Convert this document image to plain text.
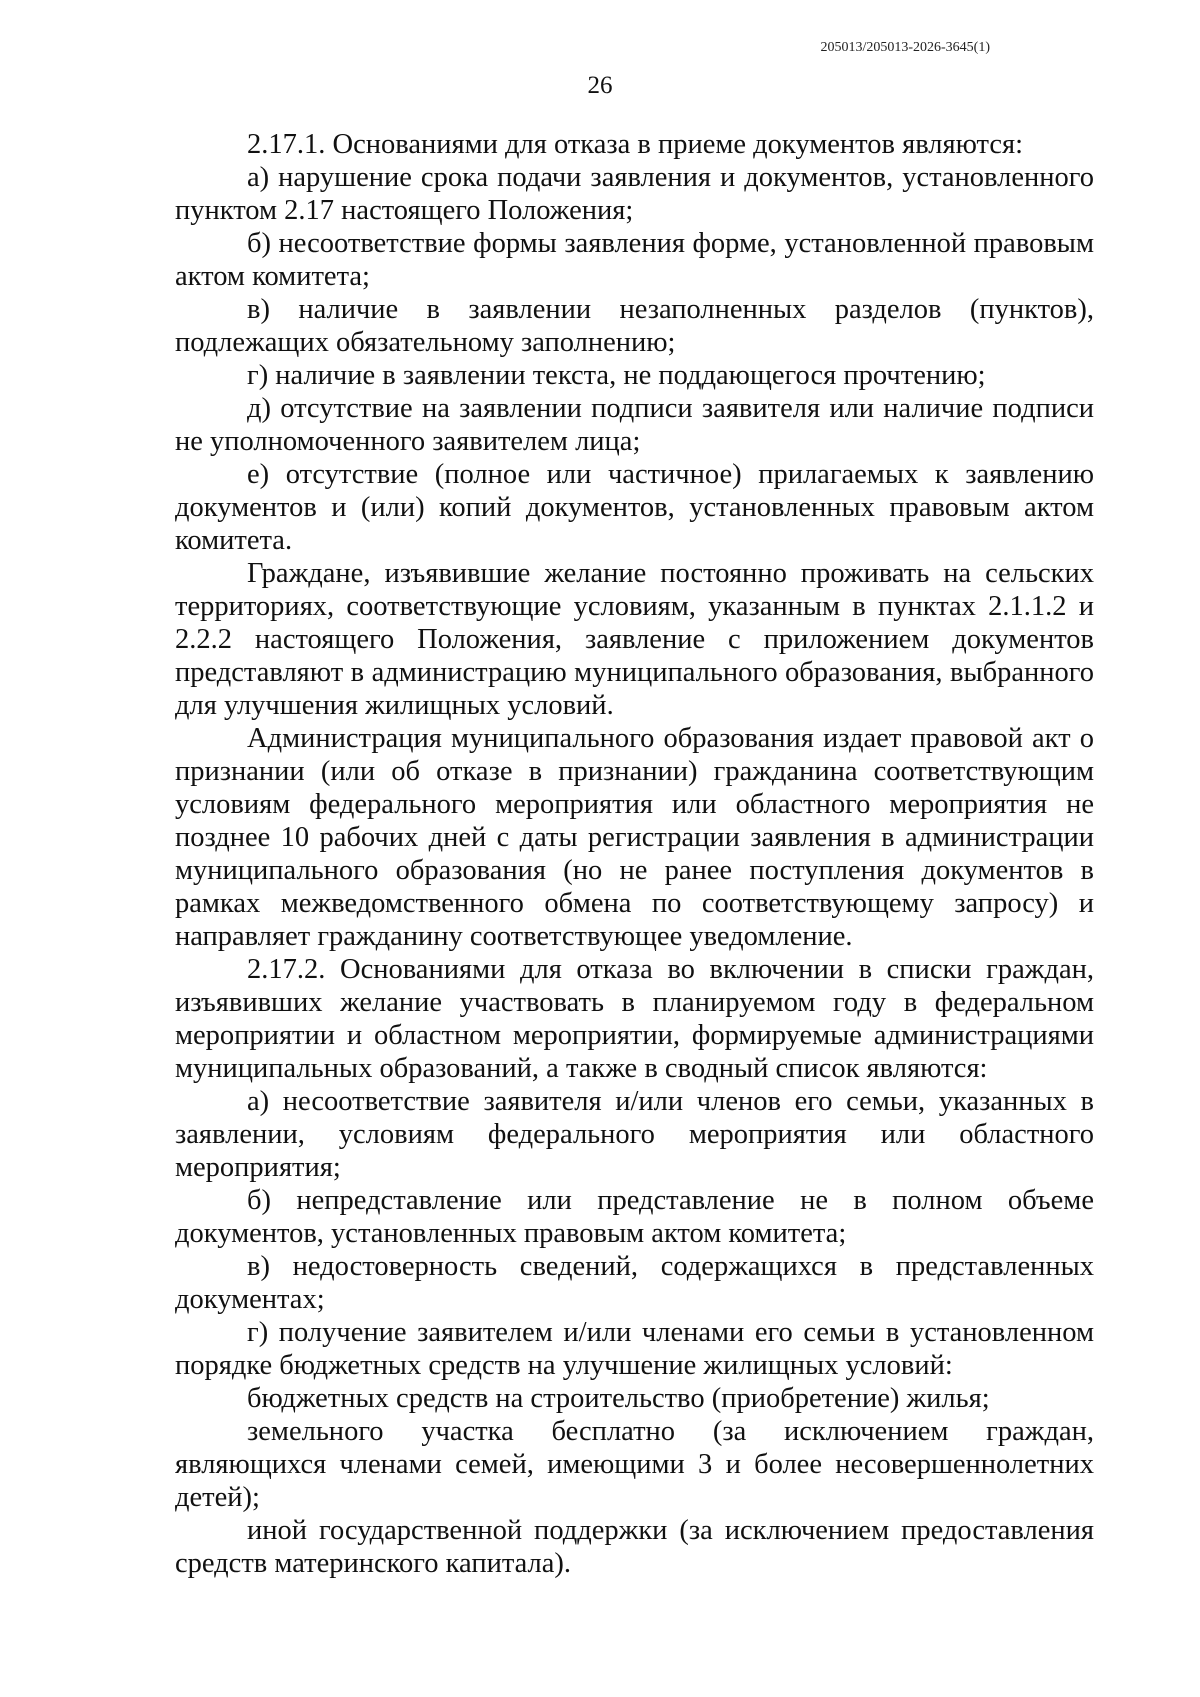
205013/205013-2026-3645(1)
26

2.17.1. Основаниями для отказа в приеме документов являются:

а) нарушение срока подачи заявления и документов, установленного пунктом 2.17 настоящего Положения;

б) несоответствие формы заявления форме, установленной правовым актом комитета;

в) наличие в заявлении незаполненных разделов (пунктов), подлежащих обязательному заполнению;

г) наличие в заявлении текста, не поддающегося прочтению;

д) отсутствие на заявлении подписи заявителя или наличие подписи не уполномоченного заявителем лица;

е) отсутствие (полное или частичное) прилагаемых к заявлению документов и (или) копий документов, установленных правовым актом комитета.

Граждане, изъявившие желание постоянно проживать на сельских территориях, соответствующие условиям, указанным в пунктах 2.1.1.2 и 2.2.2 настоящего Положения, заявление с приложением документов представляют в администрацию муниципального образования, выбранного для улучшения жилищных условий.

Администрация муниципального образования издает правовой акт о признании (или об отказе в признании) гражданина соответствующим условиям федерального мероприятия или областного мероприятия не позднее 10 рабочих дней с даты регистрации заявления в администрации муниципального образования (но не ранее поступления документов в рамках межведомственного обмена по соответствующему запросу) и направляет гражданину соответствующее уведомление.

2.17.2. Основаниями для отказа во включении в списки граждан, изъявивших желание участвовать в планируемом году в федеральном мероприятии и областном мероприятии, формируемые администрациями муниципальных образований, а также в сводный список являются:

а) несоответствие заявителя и/или членов его семьи, указанных в заявлении, условиям федерального мероприятия или областного мероприятия;

б) непредставление или представление не в полном объеме документов, установленных правовым актом комитета;

в) недостоверность сведений, содержащихся в представленных документах;

г) получение заявителем и/или членами его семьи в установленном порядке бюджетных средств на улучшение жилищных условий:

бюджетных средств на строительство (приобретение) жилья;

земельного участка бесплатно (за исключением граждан, являющихся членами семей, имеющими 3 и более несовершеннолетних детей);

иной государственной поддержки (за исключением предоставления средств материнского капитала).
